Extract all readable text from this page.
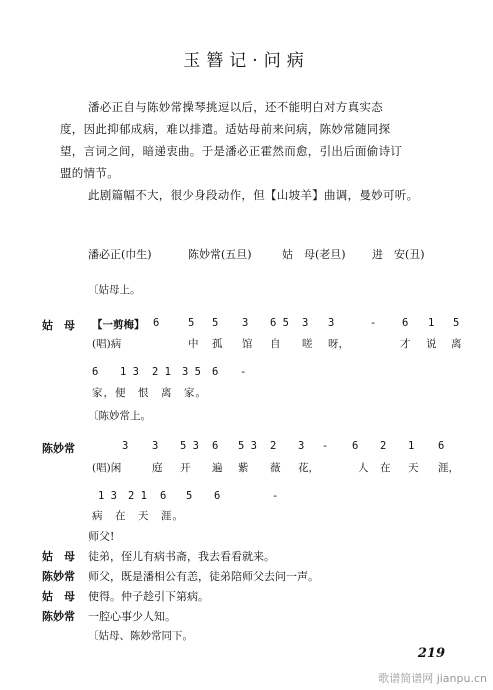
玉簪记·问病
潘必正自与陈妙常操琴挑逗以后，还不能明白对方真实态
度，因此抑郁成病，难以排遣。适姑母前来问病，陈妙常随同探
望，言词之间，暗递衷曲。于是潘必正霍然而愈，引出后面偷诗订
盟的情节。
此剧篇幅不大，很少身段动作，但【山坡羊】曲调，曼妙可听。
潘必正(巾生)	陈妙常(五旦)	姑　母(老旦) 进　安(丑)
〔姑母上。
姑　母 【一剪梅】 6	5 5 3 6 5 3 3	- 6 1 5
(唱)病	中 孤 馆 自 嗟 呀，	才 说 离
6 1 3 2 1 3 5 6 -
家，便　恨　离　家。
〔陈妙常上。
陈妙常	3 3 5 3 6 5 3 2 3 - 6 2 1 6
(唱)闲	庭 开 遍 紫 薇 花，	人 在 天 涯，
1 3 2 1 6 5 6	-
病　在　天　涯。
师父!
姑　母 徒弟，侄儿有病书斋，我去看看就来。
陈妙常 师父，既是潘相公有恙，徒弟陪师父去问一声。
姑　母 使得。仲子趁引下第病。
陈妙常 一腔心事少人知。
〔姑母、陈妙常同下。
219
歌谱简谱网 jianpu.cn
